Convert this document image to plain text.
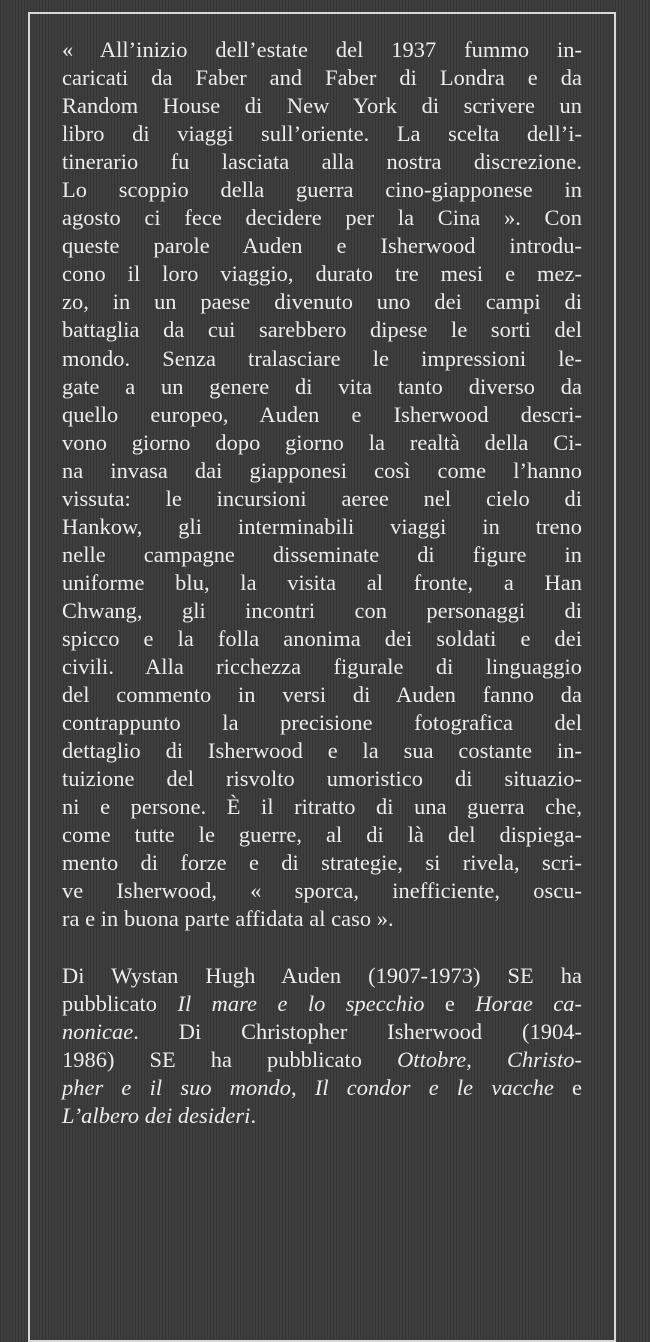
« All’inizio dell’estate del 1937 fummo in-
caricati da Faber and Faber di Londra e da
Random House di New York di scrivere un
libro di viaggi sull’oriente. La scelta dell’i-
tinerario fu lasciata alla nostra discrezione.
Lo scoppio della guerra cino-giapponese in
agosto ci fece decidere per la Cina ». Con
queste parole Auden e Isherwood introdu-
cono il loro viaggio, durato tre mesi e mez-
zo, in un paese divenuto uno dei campi di
battaglia da cui sarebbero dipese le sorti del
mondo. Senza tralasciare le impressioni le-
gate a un genere di vita tanto diverso da
quello europeo, Auden e Isherwood descri-
vono giorno dopo giorno la realtà della Ci-
na invasa dai giapponesi così come l’hanno
vissuta: le incursioni aeree nel cielo di
Hankow, gli interminabili viaggi in treno
nelle campagne disseminate di figure in
uniforme blu, la visita al fronte, a Han
Chwang, gli incontri con personaggi di
spicco e la folla anonima dei soldati e dei
civili. Alla ricchezza figurale di linguaggio
del commento in versi di Auden fanno da
contrappunto la precisione fotografica del
dettaglio di Isherwood e la sua costante in-
tuizione del risvolto umoristico di situazio-
ni e persone. È il ritratto di una guerra che,
come tutte le guerre, al di là del dispiega-
mento di forze e di strategie, si rivela, scri-
ve Isherwood, « sporca, inefficiente, oscu-
ra e in buona parte affidata al caso ».
Di Wystan Hugh Auden (1907-1973) SE ha
pubblicato Il mare e lo specchio e Horae ca-
nonicae. Di Christopher Isherwood (1904-
1986) SE ha pubblicato Ottobre, Christo-
pher e il suo mondo, Il condor e le vacche e
L’albero dei desideri.
